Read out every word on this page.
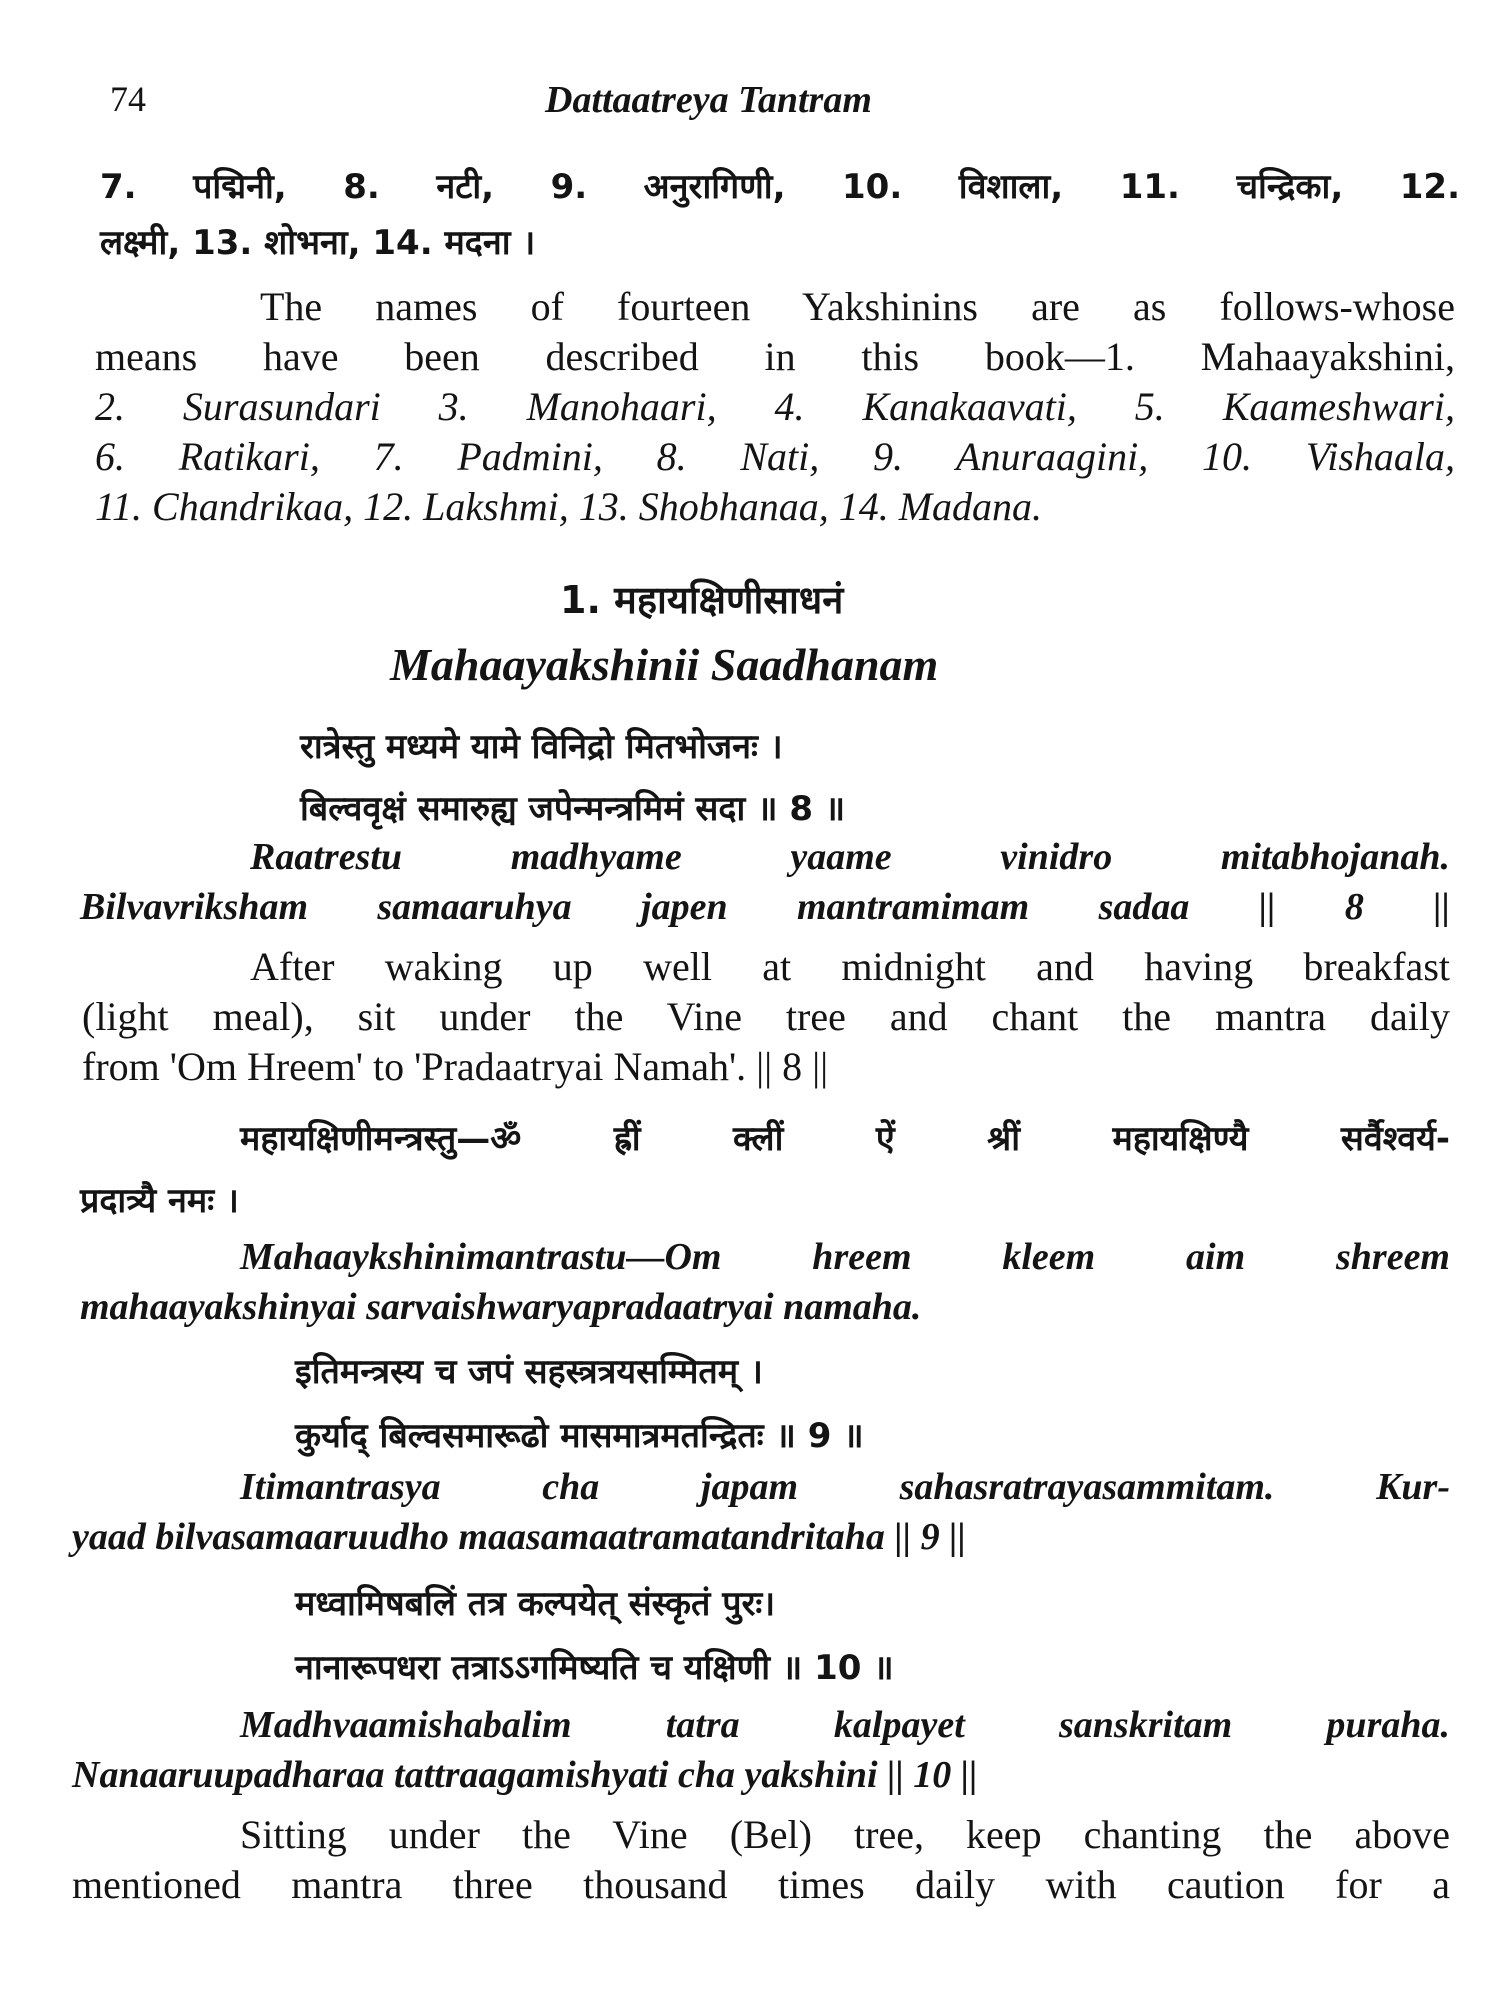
74	Dattaatreya Tantram
7. पद्मिनी, 8. नटी, 9. अनुरागिणी, 10. विशाला, 11. चन्द्रिका, 12.
लक्ष्मी, 13. शोभना, 14. मदना ।
The names of fourteen Yakshinins are as follows-whose
means have been described in this book—1. Mahaayakshini,
2. Surasundari 3. Manohaari, 4. Kanakaavati, 5. Kaameshwari,
6. Ratikari, 7. Padmini, 8. Nati, 9. Anuraagini, 10. Vishaala,
11. Chandrikaa, 12. Lakshmi, 13. Shobhanaa, 14. Madana.
1. महायक्षिणीसाधनं
Mahaayakshinii Saadhanam
रात्रेस्तु मध्यमे यामे विनिद्रो मितभोजनः ।
बिल्ववृक्षं समारुह्य जपेन्मन्त्रमिमं सदा ॥ 8 ॥
Raatrestu madhyame yaame vinidro mitabhojanah.
Bilvavriksham samaaruhya japen mantramimam sadaa || 8 ||
After waking up well at midnight and having breakfast
(light meal), sit under the Vine tree and chant the mantra daily
from 'Om Hreem' to 'Pradaatryai Namah'. || 8 ||
महायक्षिणीमन्त्रस्तु—ॐ ह्रीं क्लीं ऐं श्रीं महायक्षिण्यै सर्वैश्वर्य-
प्रदात्र्यै नमः ।
Mahaaykshinimantrastu—Om hreem kleem aim shreem
mahaayakshinyai sarvaishwaryapradaatryai namaha.
इतिमन्त्रस्य च जपं सहस्त्रत्रयसम्मितम् ।
कुर्याद् बिल्वसमारूढो मासमात्रमतन्द्रितः ॥ 9 ॥
Itimantrasya cha japam sahasratrayasammitam. Kur-
yaad bilvasamaaruudho maasamaatramatandritaha || 9 ||
मध्वामिषबलिं तत्र कल्पयेत् संस्कृतं पुरः।
नानारूपधरा तत्राऽऽगमिष्यति च यक्षिणी ॥ 10 ॥
Madhvaamishabalim tatra kalpayet sanskritam puraha.
Nanaaruupadharaa tattraagamishyati cha yakshini || 10 ||
Sitting under the Vine (Bel) tree, keep chanting the above
mentioned mantra three thousand times daily with caution for a
